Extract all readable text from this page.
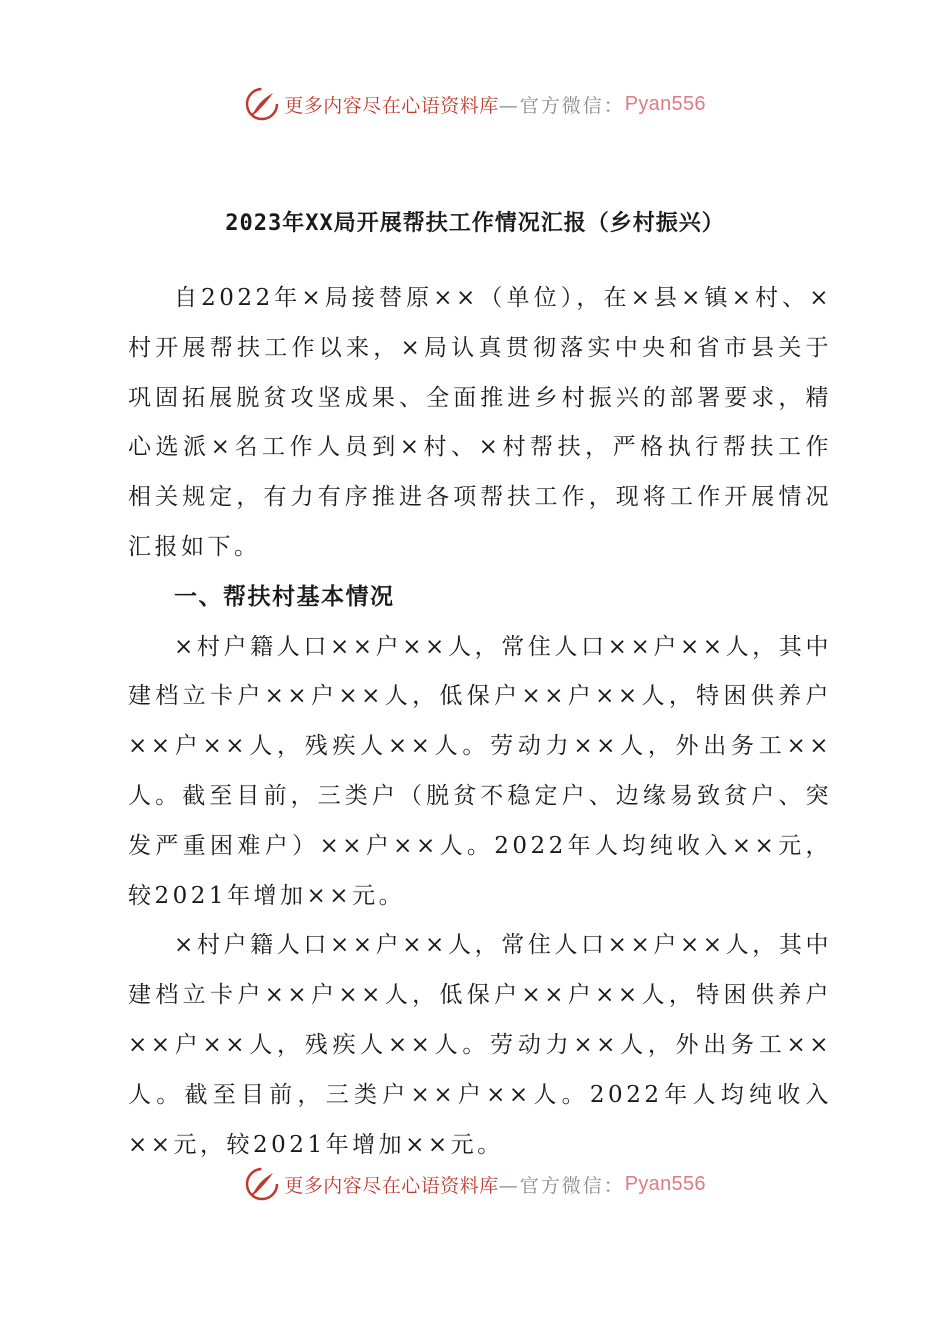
更多内容尽在心语资料库 —官方微信： Pyan556
2023年XX局开展帮扶工作情况汇报（乡村振兴）

自2022年×局接替原××（单位），在×县×镇×村、×村开展帮扶工作以来，×局认真贯彻落实中央和省市县关于巩固拓展脱贫攻坚成果、全面推进乡村振兴的部署要求，精心选派×名工作人员到×村、×村帮扶，严格执行帮扶工作相关规定，有力有序推进各项帮扶工作，现将工作开展情况汇报如下。

一、帮扶村基本情况

×村户籍人口××户××人，常住人口××户××人，其中建档立卡户××户××人，低保户××户××人，特困供养户××户××人，残疾人××人。劳动力××人，外出务工××人。截至目前，三类户（脱贫不稳定户、边缘易致贫户、突发严重困难户）××户××人。2022年人均纯收入××元，较2021年增加××元。

×村户籍人口××户××人，常住人口××户××人，其中建档立卡户××户××人，低保户××户××人，特困供养户××户××人，残疾人××人。劳动力××人，外出务工××人。截至目前，三类户××户××人。2022年人均纯收入××元，较2021年增加××元。

更多内容尽在心语资料库 —官方微信： Pyan556
